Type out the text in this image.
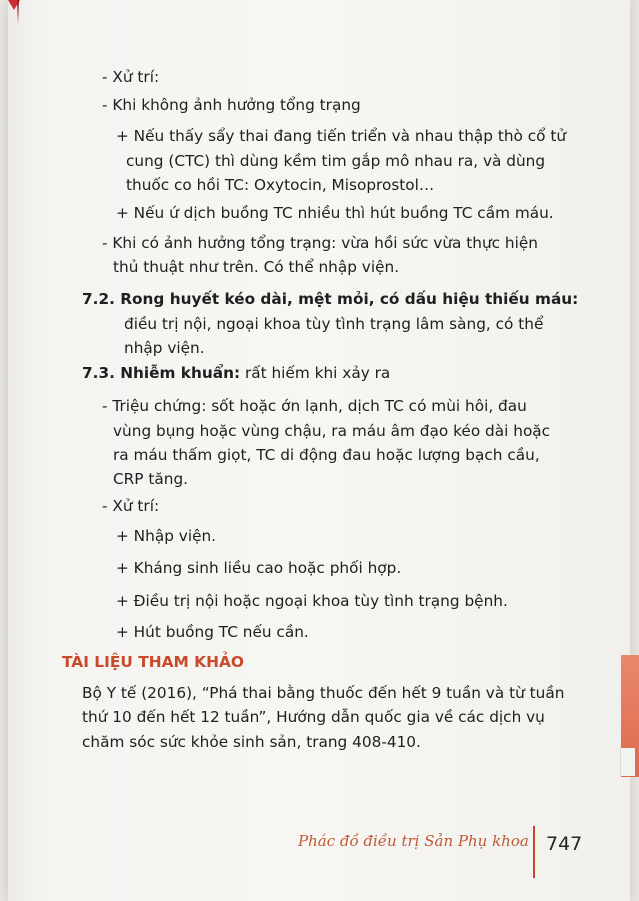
- Xử trí:
- Khi không ảnh hưởng tổng trạng
+ Nếu thấy sẩy thai đang tiến triển và nhau thập thò cổ tử
cung (CTC) thì dùng kềm tim gắp mô nhau ra, và dùng
thuốc co hồi TC: Oxytocin, Misoprostol…
+ Nếu ứ dịch buồng TC nhiều thì hút buồng TC cầm máu.
- Khi có ảnh hưởng tổng trạng: vừa hồi sức vừa thực hiện
thủ thuật như trên. Có thể nhập viện.
7.2. Rong huyết kéo dài, mệt mỏi, có dấu hiệu thiếu máu:
điều trị nội, ngoại khoa tùy tình trạng lâm sàng, có thể
nhập viện.
7.3. Nhiễm khuẩn: rất hiếm khi xảy ra
- Triệu chứng: sốt hoặc ớn lạnh, dịch TC có mùi hôi, đau
vùng bụng hoặc vùng chậu, ra máu âm đạo kéo dài hoặc
ra máu thấm giọt, TC di động đau hoặc lượng bạch cầu,
CRP tăng.
- Xử trí:
+ Nhập viện.
+ Kháng sinh liều cao hoặc phối hợp.
+ Điều trị nội hoặc ngoại khoa tùy tình trạng bệnh.
+ Hút buồng TC nếu cần.
TÀI LIỆU THAM KHẢO
Bộ Y tế (2016), “Phá thai bằng thuốc đến hết 9 tuần và từ tuần
thứ 10 đến hết 12 tuần”, Hướng dẫn quốc gia về các dịch vụ
chăm sóc sức khỏe sinh sản, trang 408-410.
Phác đồ điều trị Sản Phụ khoa 747
